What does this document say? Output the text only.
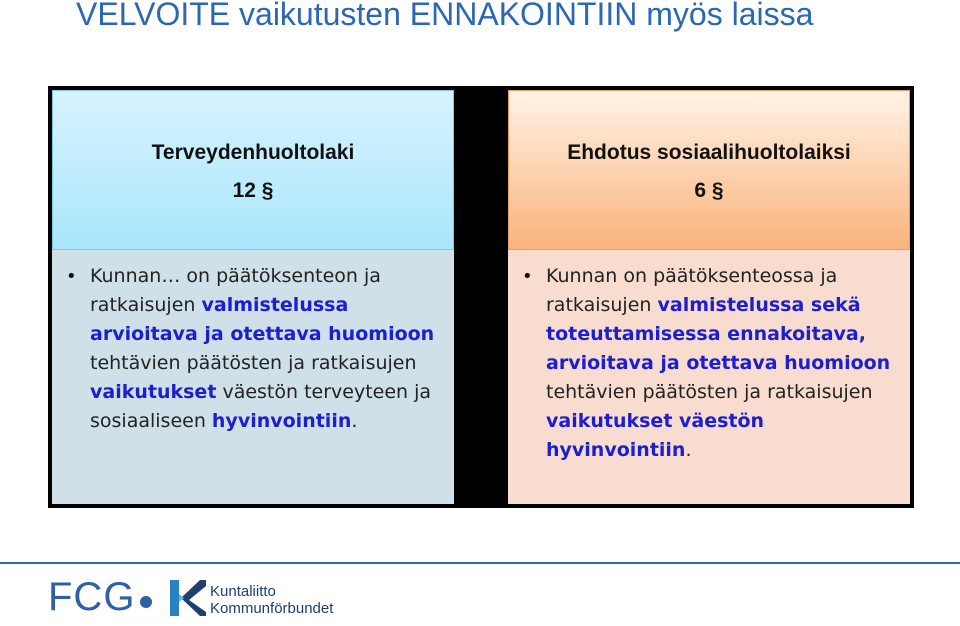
VELVOITE vaikutusten ENNAKOINTIIN myös laissa
Terveydenhuoltolaki
12 §
• Kunnan… on päätöksenteon ja ratkaisujen valmistelussa arvioitava ja otettava huomioon tehtävien päätösten ja ratkaisujen vaikutukset väestön terveyteen ja sosiaaliseen hyvinvointiin.
Ehdotus sosiaalihuoltolaiksi
6 §
• Kunnan on päätöksenteossa ja ratkaisujen valmistelussa sekä toteuttamisessa ennakoitava, arvioitava ja otettava huomioon tehtävien päätösten ja ratkaisujen vaikutukset väestön hyvinvointiin.
FCG	Kuntaliitto
Kommunförbundet
